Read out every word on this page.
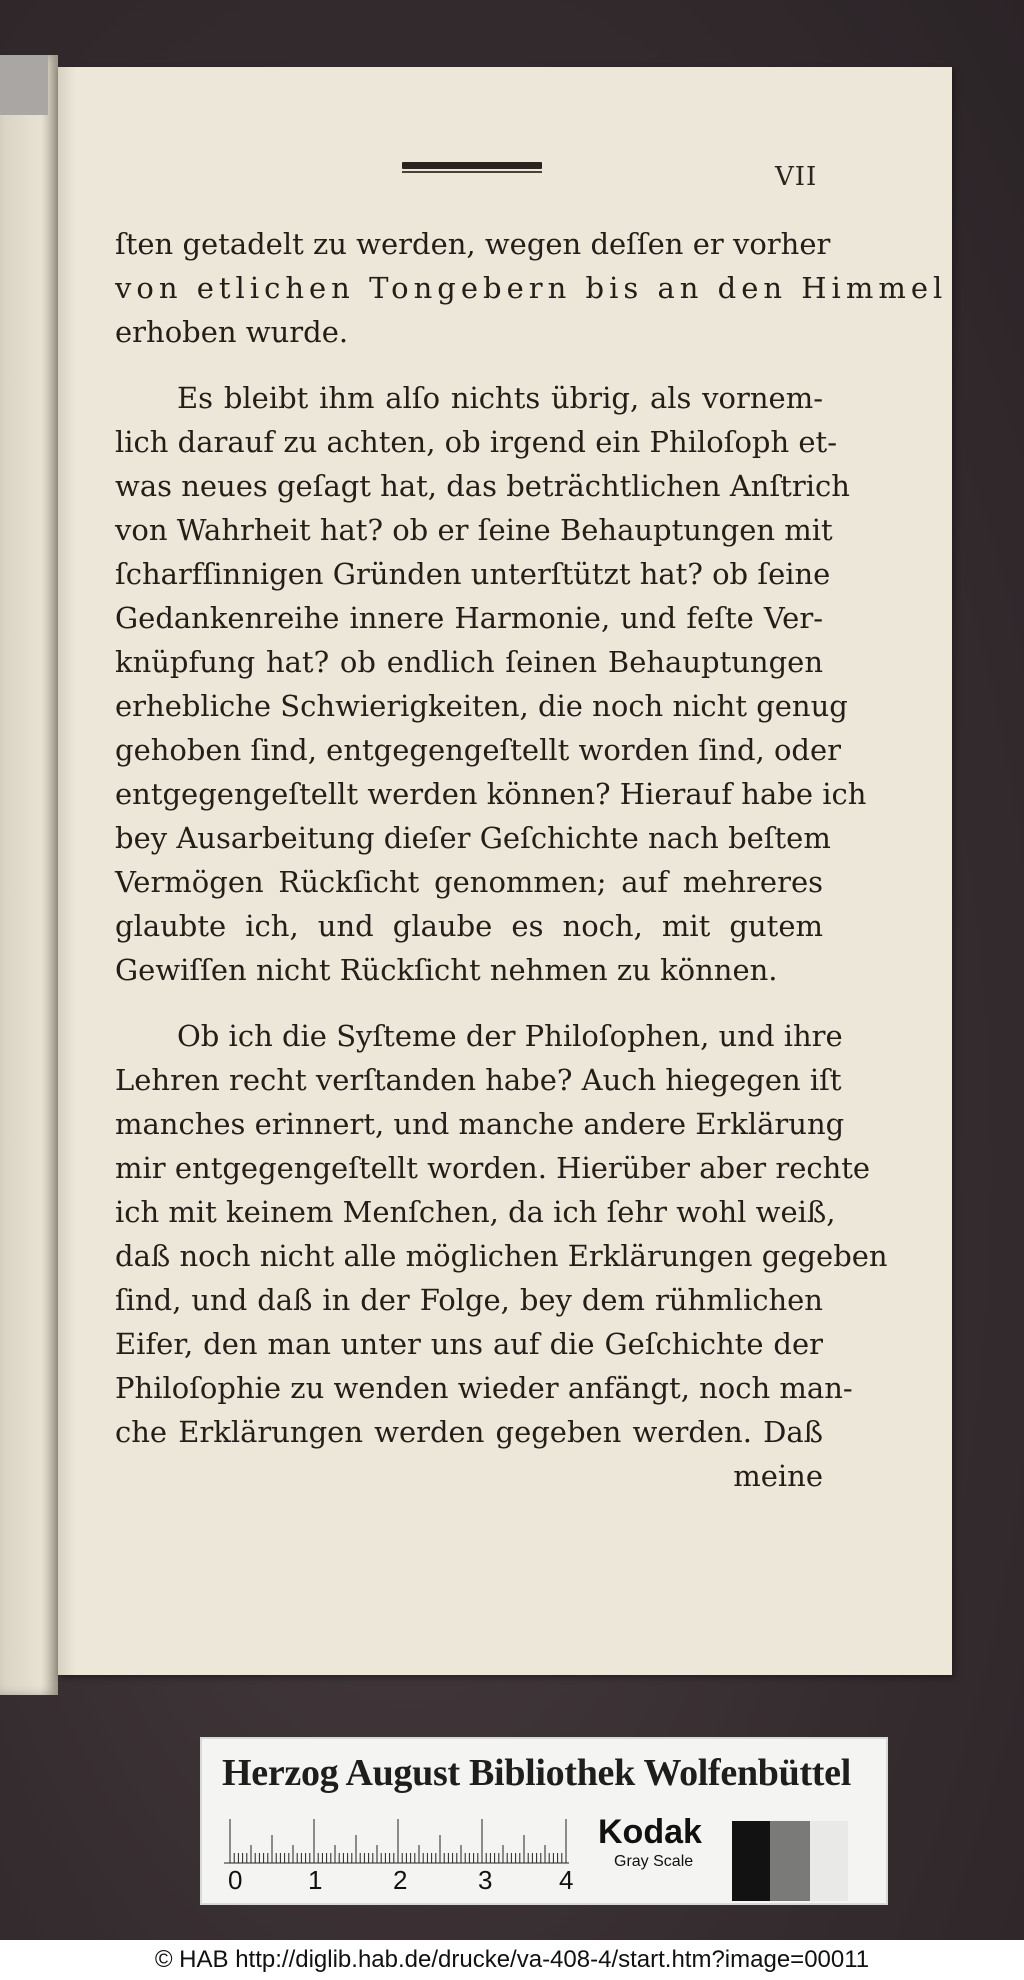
VII
ſten getadelt zu werden, wegen deſſen er vorher
von etlichen Tongebern bis an den Himmel
erhoben wurde.
Es bleibt ihm alſo nichts übrig, als vornem-
lich darauf zu achten, ob irgend ein Philoſoph et-
was neues geſagt hat, das beträchtlichen Anſtrich
von Wahrheit hat? ob er ſeine Behauptungen mit
ſcharfſinnigen Gründen unterſtützt hat? ob ſeine
Gedankenreihe innere Harmonie, und feſte Ver-
knüpfung hat? ob endlich ſeinen Behauptungen
erhebliche Schwierigkeiten, die noch nicht genug
gehoben ſind, entgegengeſtellt worden ſind, oder
entgegengeſtellt werden können? Hierauf habe ich
bey Ausarbeitung dieſer Geſchichte nach beſtem
Vermögen Rückſicht genommen; auf mehreres
glaubte ich, und glaube es noch, mit gutem
Gewiſſen nicht Rückſicht nehmen zu können.
Ob ich die Syſteme der Philoſophen, und ihre
Lehren recht verſtanden habe? Auch hiegegen iſt
manches erinnert, und manche andere Erklärung
mir entgegengeſtellt worden. Hierüber aber rechte
ich mit keinem Menſchen, da ich ſehr wohl weiß,
daß noch nicht alle möglichen Erklärungen gegeben
ſind, und daß in der Folge, bey dem rühmlichen
Eifer, den man unter uns auf die Geſchichte der
Philoſophie zu wenden wieder anfängt, noch man-
che Erklärungen werden gegeben werden. Daß
meine
Herzog August Bibliothek Wolfenbüttel
0	1	2	3	4
Kodak
Gray Scale
© HAB http://diglib.hab.de/drucke/va-408-4/start.htm?image=00011
